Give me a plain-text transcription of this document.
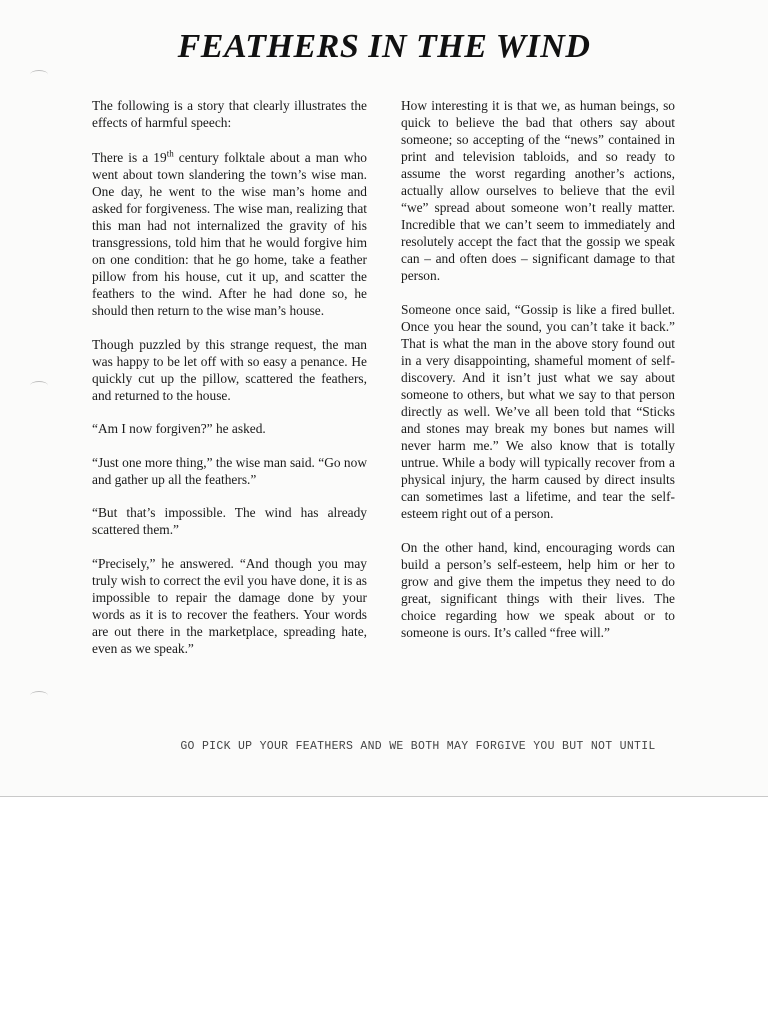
FEATHERS IN THE WIND

The following is a story that clearly illustrates the effects of harmful speech:

There is a 19th century folktale about a man who went about town slandering the town’s wise man. One day, he went to the wise man’s home and asked for forgiveness. The wise man, realizing that this man had not internalized the gravity of his transgressions, told him that he would forgive him on one condition: that he go home, take a feather pillow from his house, cut it up, and scatter the feathers to the wind. After he had done so, he should then return to the wise man’s house.

Though puzzled by this strange request, the man was happy to be let off with so easy a penance. He quickly cut up the pillow, scattered the feathers, and returned to the house.

“Am I now forgiven?” he asked.

“Just one more thing,” the wise man said. “Go now and gather up all the feathers.”

“But that’s impossible. The wind has already scattered them.”

“Precisely,” he answered. “And though you may truly wish to correct the evil you have done, it is as impossible to repair the damage done by your words as it is to recover the feathers. Your words are out there in the marketplace, spreading hate, even as we speak.”

How interesting it is that we, as human beings, so quick to believe the bad that others say about someone; so accepting of the “news” contained in print and television tabloids, and so ready to assume the worst regarding another’s actions, actually allow ourselves to believe that the evil “we” spread about someone won’t really matter. Incredible that we can’t seem to immediately and resolutely accept the fact that the gossip we speak can – and often does – significant damage to that person.

Someone once said, “Gossip is like a fired bullet. Once you hear the sound, you can’t take it back.” That is what the man in the above story found out in a very disappointing, shameful moment of self-discovery. And it isn’t just what we say about someone to others, but what we say to that person directly as well. We’ve all been told that “Sticks and stones may break my bones but names will never harm me.” We also know that is totally untrue. While a body will typically recover from a physical injury, the harm caused by direct insults can sometimes last a lifetime, and tear the self-esteem right out of a person.

On the other hand, kind, encouraging words can build a person’s self-esteem, help him or her to grow and give them the impetus they need to do great, significant things with their lives. The choice regarding how we speak about or to someone is ours. It’s called “free will.”

GO PICK UP YOUR FEATHERS AND WE BOTH MAY FORGIVE YOU BUT NOT UNTIL
